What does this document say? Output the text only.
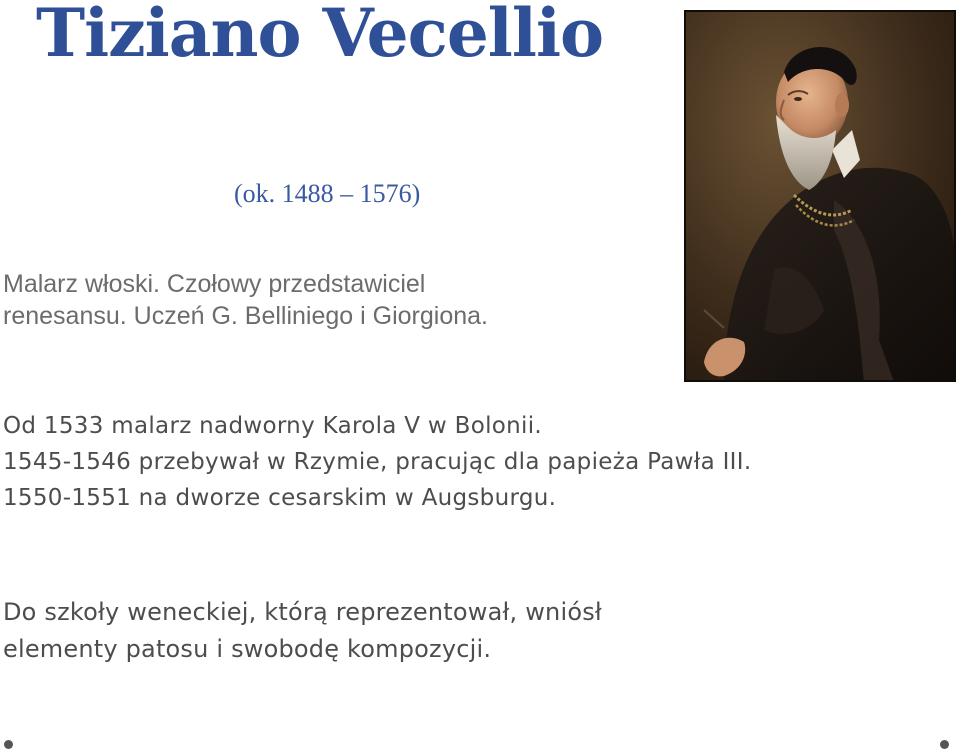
Tiziano Vecellio
(ok. 1488 – 1576)

Malarz włoski. Czołowy przedstawiciel
renesansu. Uczeń G. Belliniego i Giorgiona.

Od 1533 malarz nadworny Karola V w Bolonii.
1545-1546 przebywał w Rzymie, pracując dla papieża Pawła III.
1550-1551 na dworze cesarskim w Augsburgu.

Do szkoły weneckiej, którą reprezentował, wniósł
elementy patosu i swobodę kompozycji.
